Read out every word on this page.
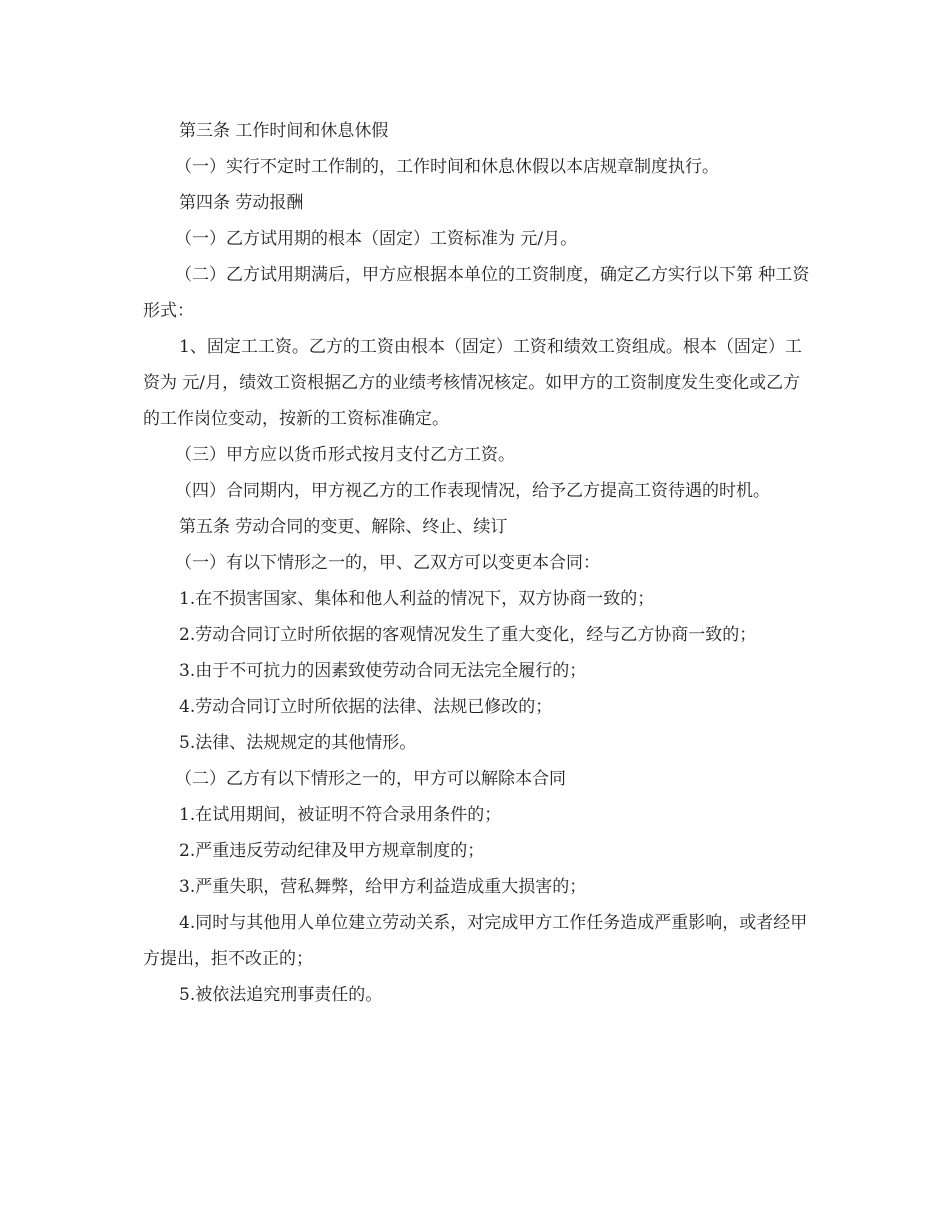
第三条 工作时间和休息休假

（一）实行不定时工作制的，工作时间和休息休假以本店规章制度执行。

第四条 劳动报酬

（一）乙方试用期的根本（固定）工资标准为 元/月。

（二）乙方试用期满后，甲方应根据本单位的工资制度，确定乙方实行以下第 种工资形式：

1、固定工工资。乙方的工资由根本（固定）工资和绩效工资组成。根本（固定）工资为 元/月，绩效工资根据乙方的业绩考核情况核定。如甲方的工资制度发生变化或乙方的工作岗位变动，按新的工资标准确定。

（三）甲方应以货币形式按月支付乙方工资。

（四）合同期内，甲方视乙方的工作表现情况，给予乙方提高工资待遇的时机。

第五条 劳动合同的变更、解除、终止、续订

（一）有以下情形之一的，甲、乙双方可以变更本合同：

1.在不损害国家、集体和他人利益的情况下，双方协商一致的；

2.劳动合同订立时所依据的客观情况发生了重大变化，经与乙方协商一致的；

3.由于不可抗力的因素致使劳动合同无法完全履行的；

4.劳动合同订立时所依据的法律、法规已修改的；

5.法律、法规规定的其他情形。

（二）乙方有以下情形之一的，甲方可以解除本合同

1.在试用期间，被证明不符合录用条件的；

2.严重违反劳动纪律及甲方规章制度的；

3.严重失职，营私舞弊，给甲方利益造成重大损害的；

4.同时与其他用人单位建立劳动关系，对完成甲方工作任务造成严重影响，或者经甲方提出，拒不改正的；

5.被依法追究刑事责任的。
